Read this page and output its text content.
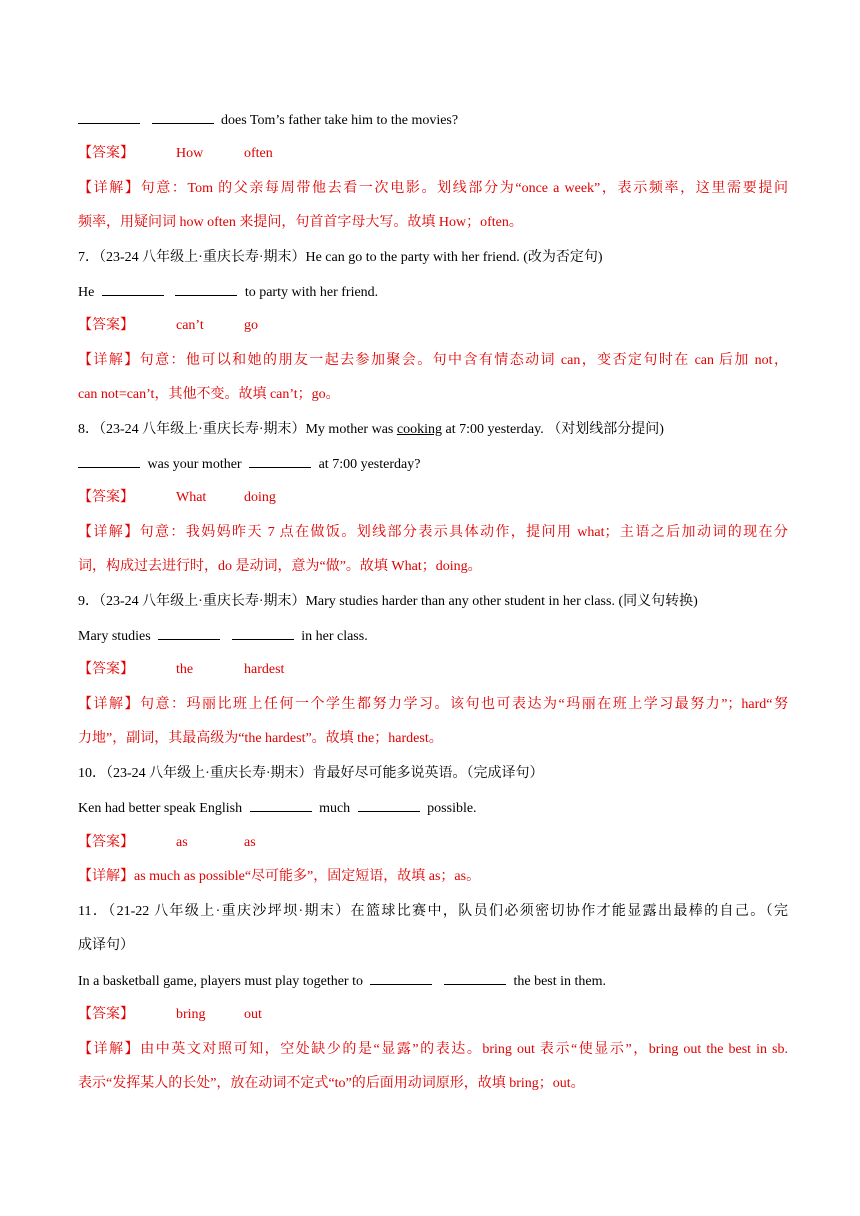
does Tom’s father take him to the movies?
【答案】	How	often
【详解】句意：Tom 的父亲每周带他去看一次电影。划线部分为“once a week”，表示频率，这里需要提问
频率，用疑问词 how often 来提问，句首首字母大写。故填 How；often。
7．（23-24 八年级上·重庆长寿·期末）He can go to the party with her friend. (改为否定句)
He	to party with her friend.
【答案】	can’t	go
【详解】句意：他可以和她的朋友一起去参加聚会。句中含有情态动词 can，变否定句时在 can 后加 not，
can not=can’t，其他不变。故填 can’t；go。
8．（23-24 八年级上·重庆长寿·期末）My mother was cooking at 7:00 yesterday. （对划线部分提问)
was your mother	at 7:00 yesterday?
【答案】	What	doing
【详解】句意：我妈妈昨天 7 点在做饭。划线部分表示具体动作，提问用 what；主语之后加动词的现在分
词，构成过去进行时，do 是动词，意为“做”。故填 What；doing。
9．（23-24 八年级上·重庆长寿·期末）Mary studies harder than any other student in her class. (同义句转换)
Mary studies	in her class.
【答案】	the	hardest
【详解】句意：玛丽比班上任何一个学生都努力学习。该句也可表达为“玛丽在班上学习最努力”；hard“努
力地”，副词，其最高级为“the hardest”。故填 the；hardest。
10．（23-24 八年级上·重庆长寿·期末）肯最好尽可能多说英语。（完成译句）
Ken had better speak English	much	possible.
【答案】	as	as
【详解】as much as possible“尽可能多”，固定短语，故填 as；as。
11．（21-22 八年级上·重庆沙坪坝·期末）在篮球比赛中，队员们必须密切协作才能显露出最棒的自己。（完
成译句）
In a basketball game, players must play together to	the best in them.
【答案】	bring	out
【详解】由中英文对照可知，空处缺少的是“显露”的表达。bring out 表示“使显示”，bring out the best in sb.
表示“发挥某人的长处”，放在动词不定式“to”的后面用动词原形，故填 bring；out。
